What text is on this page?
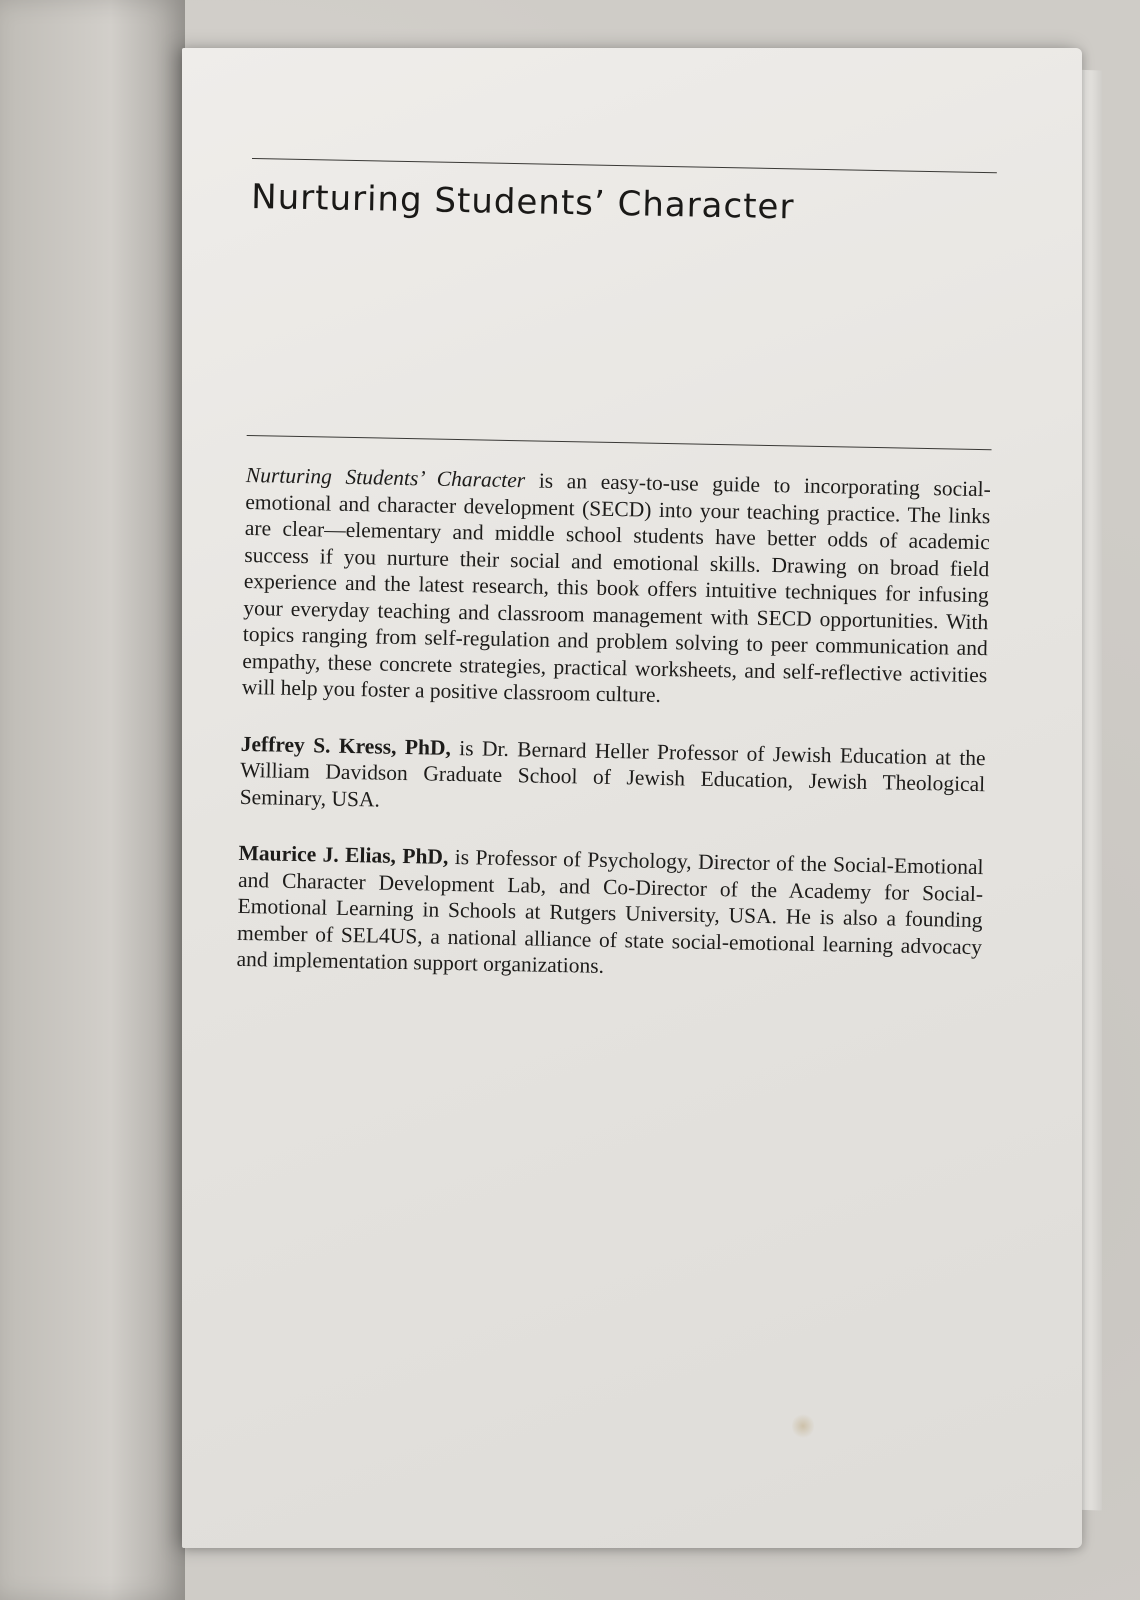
Nurturing Students’ Character

Nurturing Students’ Character is an easy-to-use guide to incorporating social-emotional and character development (SECD) into your teaching practice. The links are clear—elementary and middle school students have better odds of academic success if you nurture their social and emotional skills. Drawing on broad field experience and the latest research, this book offers intuitive techniques for infusing your everyday teaching and classroom management with SECD opportunities. With topics ranging from self-regulation and problem solving to peer communication and empathy, these concrete strategies, practical worksheets, and self-reflective activities will help you foster a positive classroom culture.

Jeffrey S. Kress, PhD, is Dr. Bernard Heller Professor of Jewish Education at the William Davidson Graduate School of Jewish Education, Jewish Theological Seminary, USA.

Maurice J. Elias, PhD, is Professor of Psychology, Director of the Social-Emotional and Character Development Lab, and Co-Director of the Academy for Social-Emotional Learning in Schools at Rutgers University, USA. He is also a founding member of SEL4US, a national alliance of state social-emotional learning advocacy and implementation support organizations.
